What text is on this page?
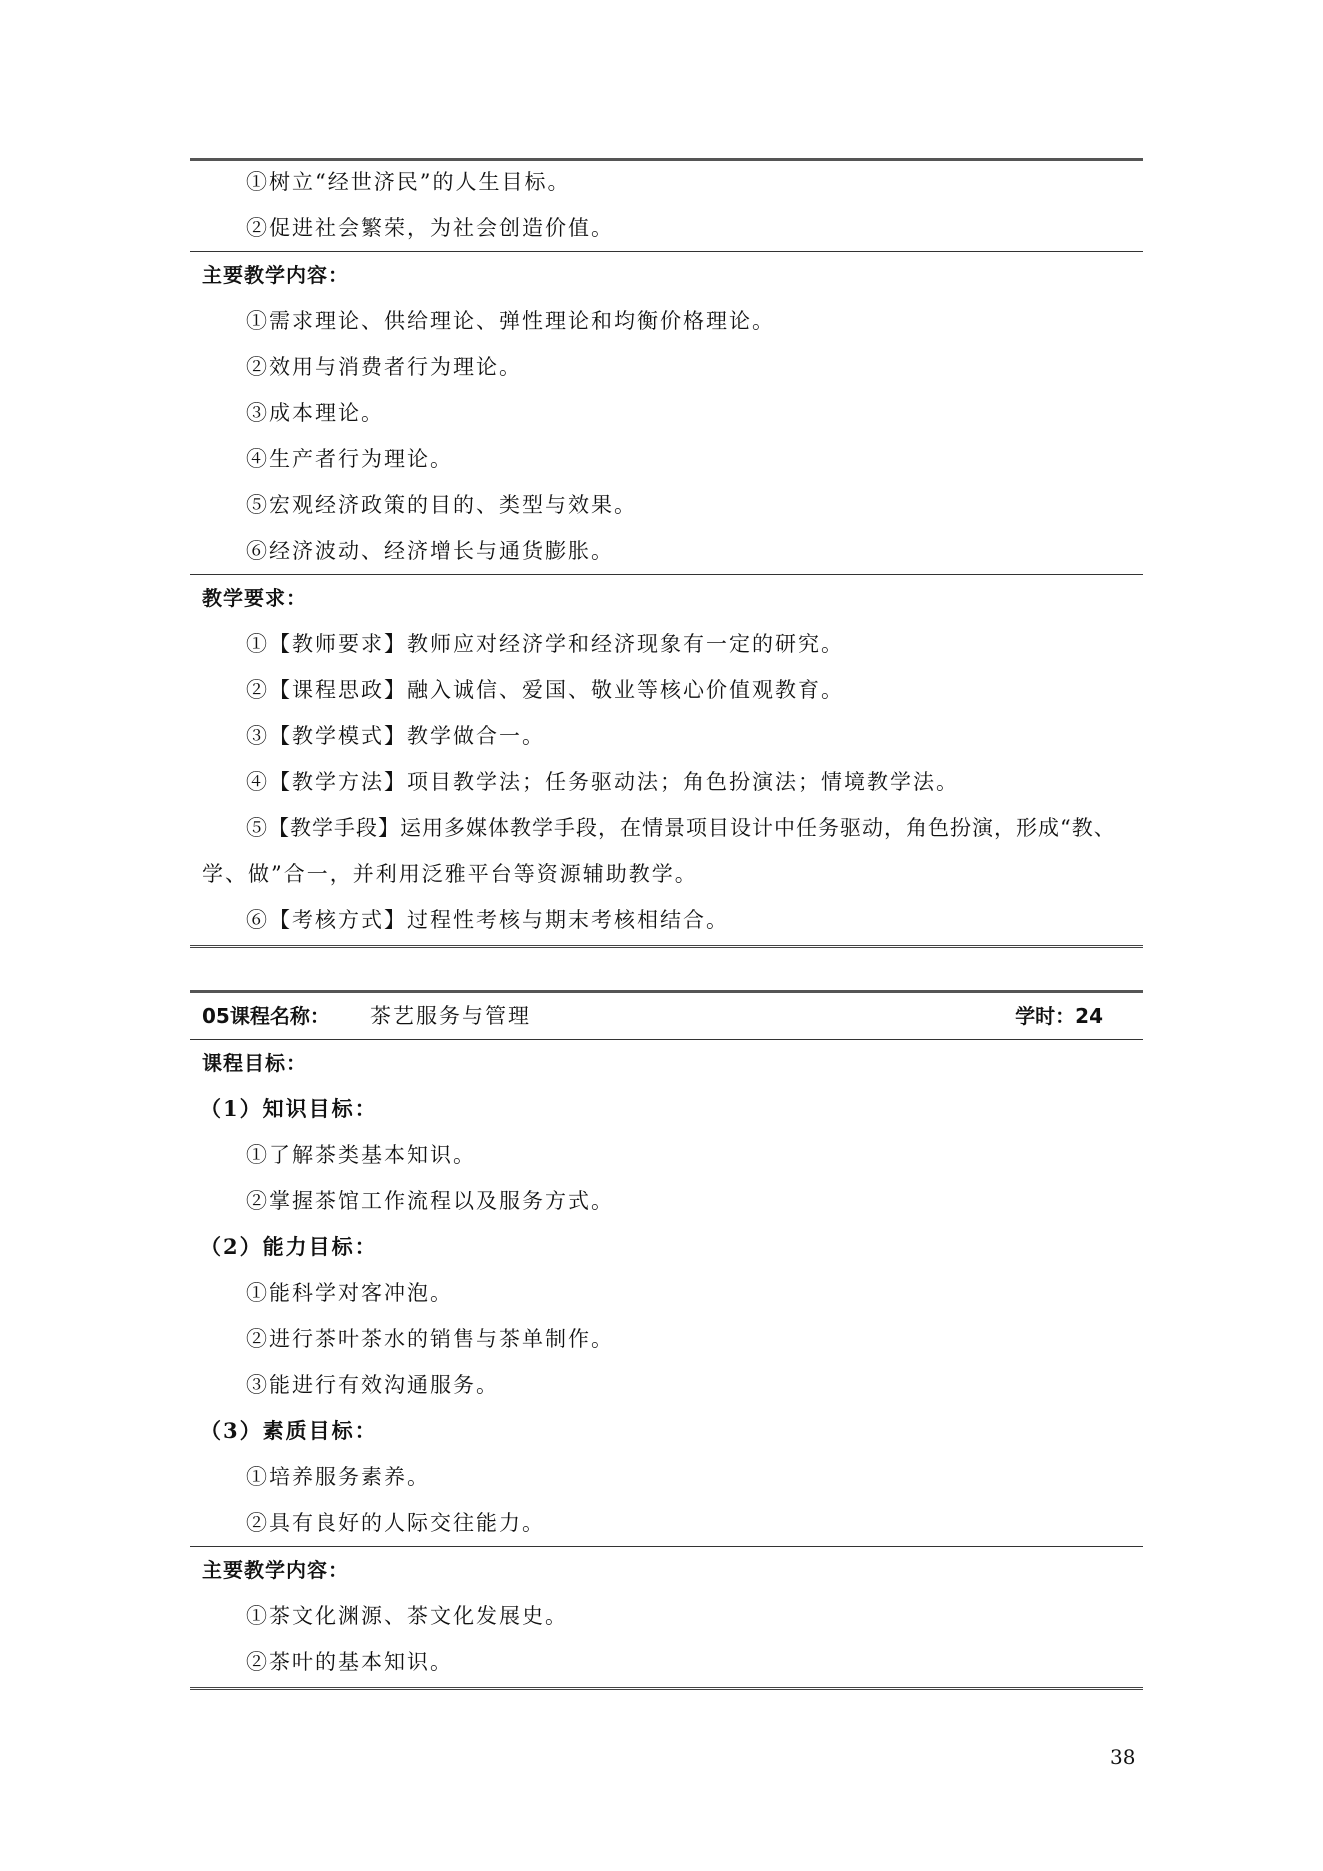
①树立“经世济民”的人生目标。
②促进社会繁荣，为社会创造价值。
主要教学内容：
①需求理论、供给理论、弹性理论和均衡价格理论。
②效用与消费者行为理论。
③成本理论。
④生产者行为理论。
⑤宏观经济政策的目的、类型与效果。
⑥经济波动、经济增长与通货膨胀。
教学要求：
①【教师要求】教师应对经济学和经济现象有一定的研究。
②【课程思政】融入诚信、爱国、敬业等核心价值观教育。
③【教学模式】教学做合一。
④【教学方法】项目教学法；任务驱动法；角色扮演法；情境教学法。
⑤【教学手段】运用多媒体教学手段，在情景项目设计中任务驱动，角色扮演，形成“教、
学、做”合一，并利用泛雅平台等资源辅助教学。
⑥【考核方式】过程性考核与期末考核相结合。
05课程名称： 茶艺服务与管理	学时：24
课程目标：
（1）知识目标：
①了解茶类基本知识。
②掌握茶馆工作流程以及服务方式。
（2）能力目标：
①能科学对客冲泡。
②进行茶叶茶水的销售与茶单制作。
③能进行有效沟通服务。
（3）素质目标：
①培养服务素养。
②具有良好的人际交往能力。
主要教学内容：
①茶文化渊源、茶文化发展史。
②茶叶的基本知识。
38
